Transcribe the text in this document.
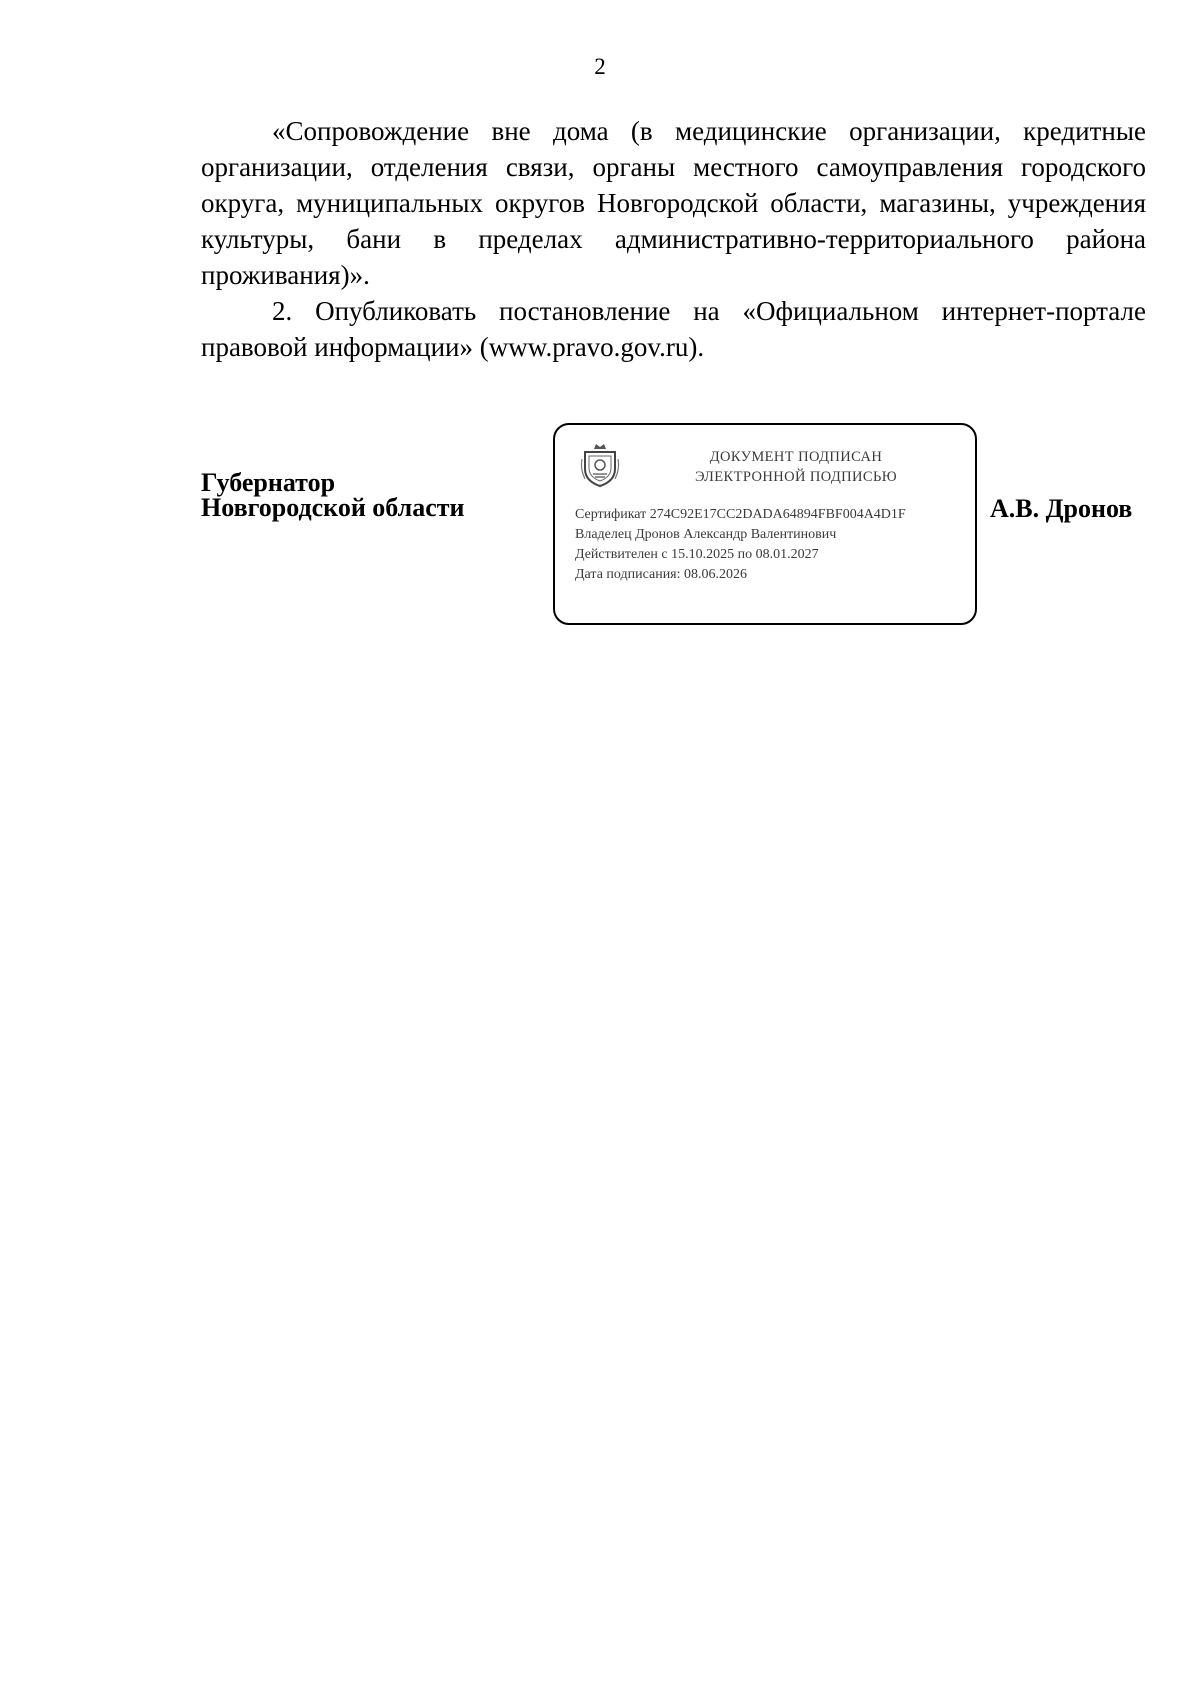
2

«Сопровождение вне дома (в медицинские организации, кредитные организации, отделения связи, органы местного самоуправления городского округа, муниципальных округов Новгородской области, магазины, учреждения культуры, бани в пределах административно-территориального района проживания)».

2. Опубликовать постановление на «Официальном интернет-портале правовой информации» (www.pravo.gov.ru).

Губернатор
Новгородской области
ДОКУМЕНТ ПОДПИСАН
ЭЛЕКТРОННОЙ ПОДПИСЬЮ
Сертификат 274C92E17CC2DADA64894FBF004A4D1F
Владелец Дронов Александр Валентинович
Действителен с 15.10.2025 по 08.01.2027
Дата подписания: 08.06.2026
А.В. Дронов
